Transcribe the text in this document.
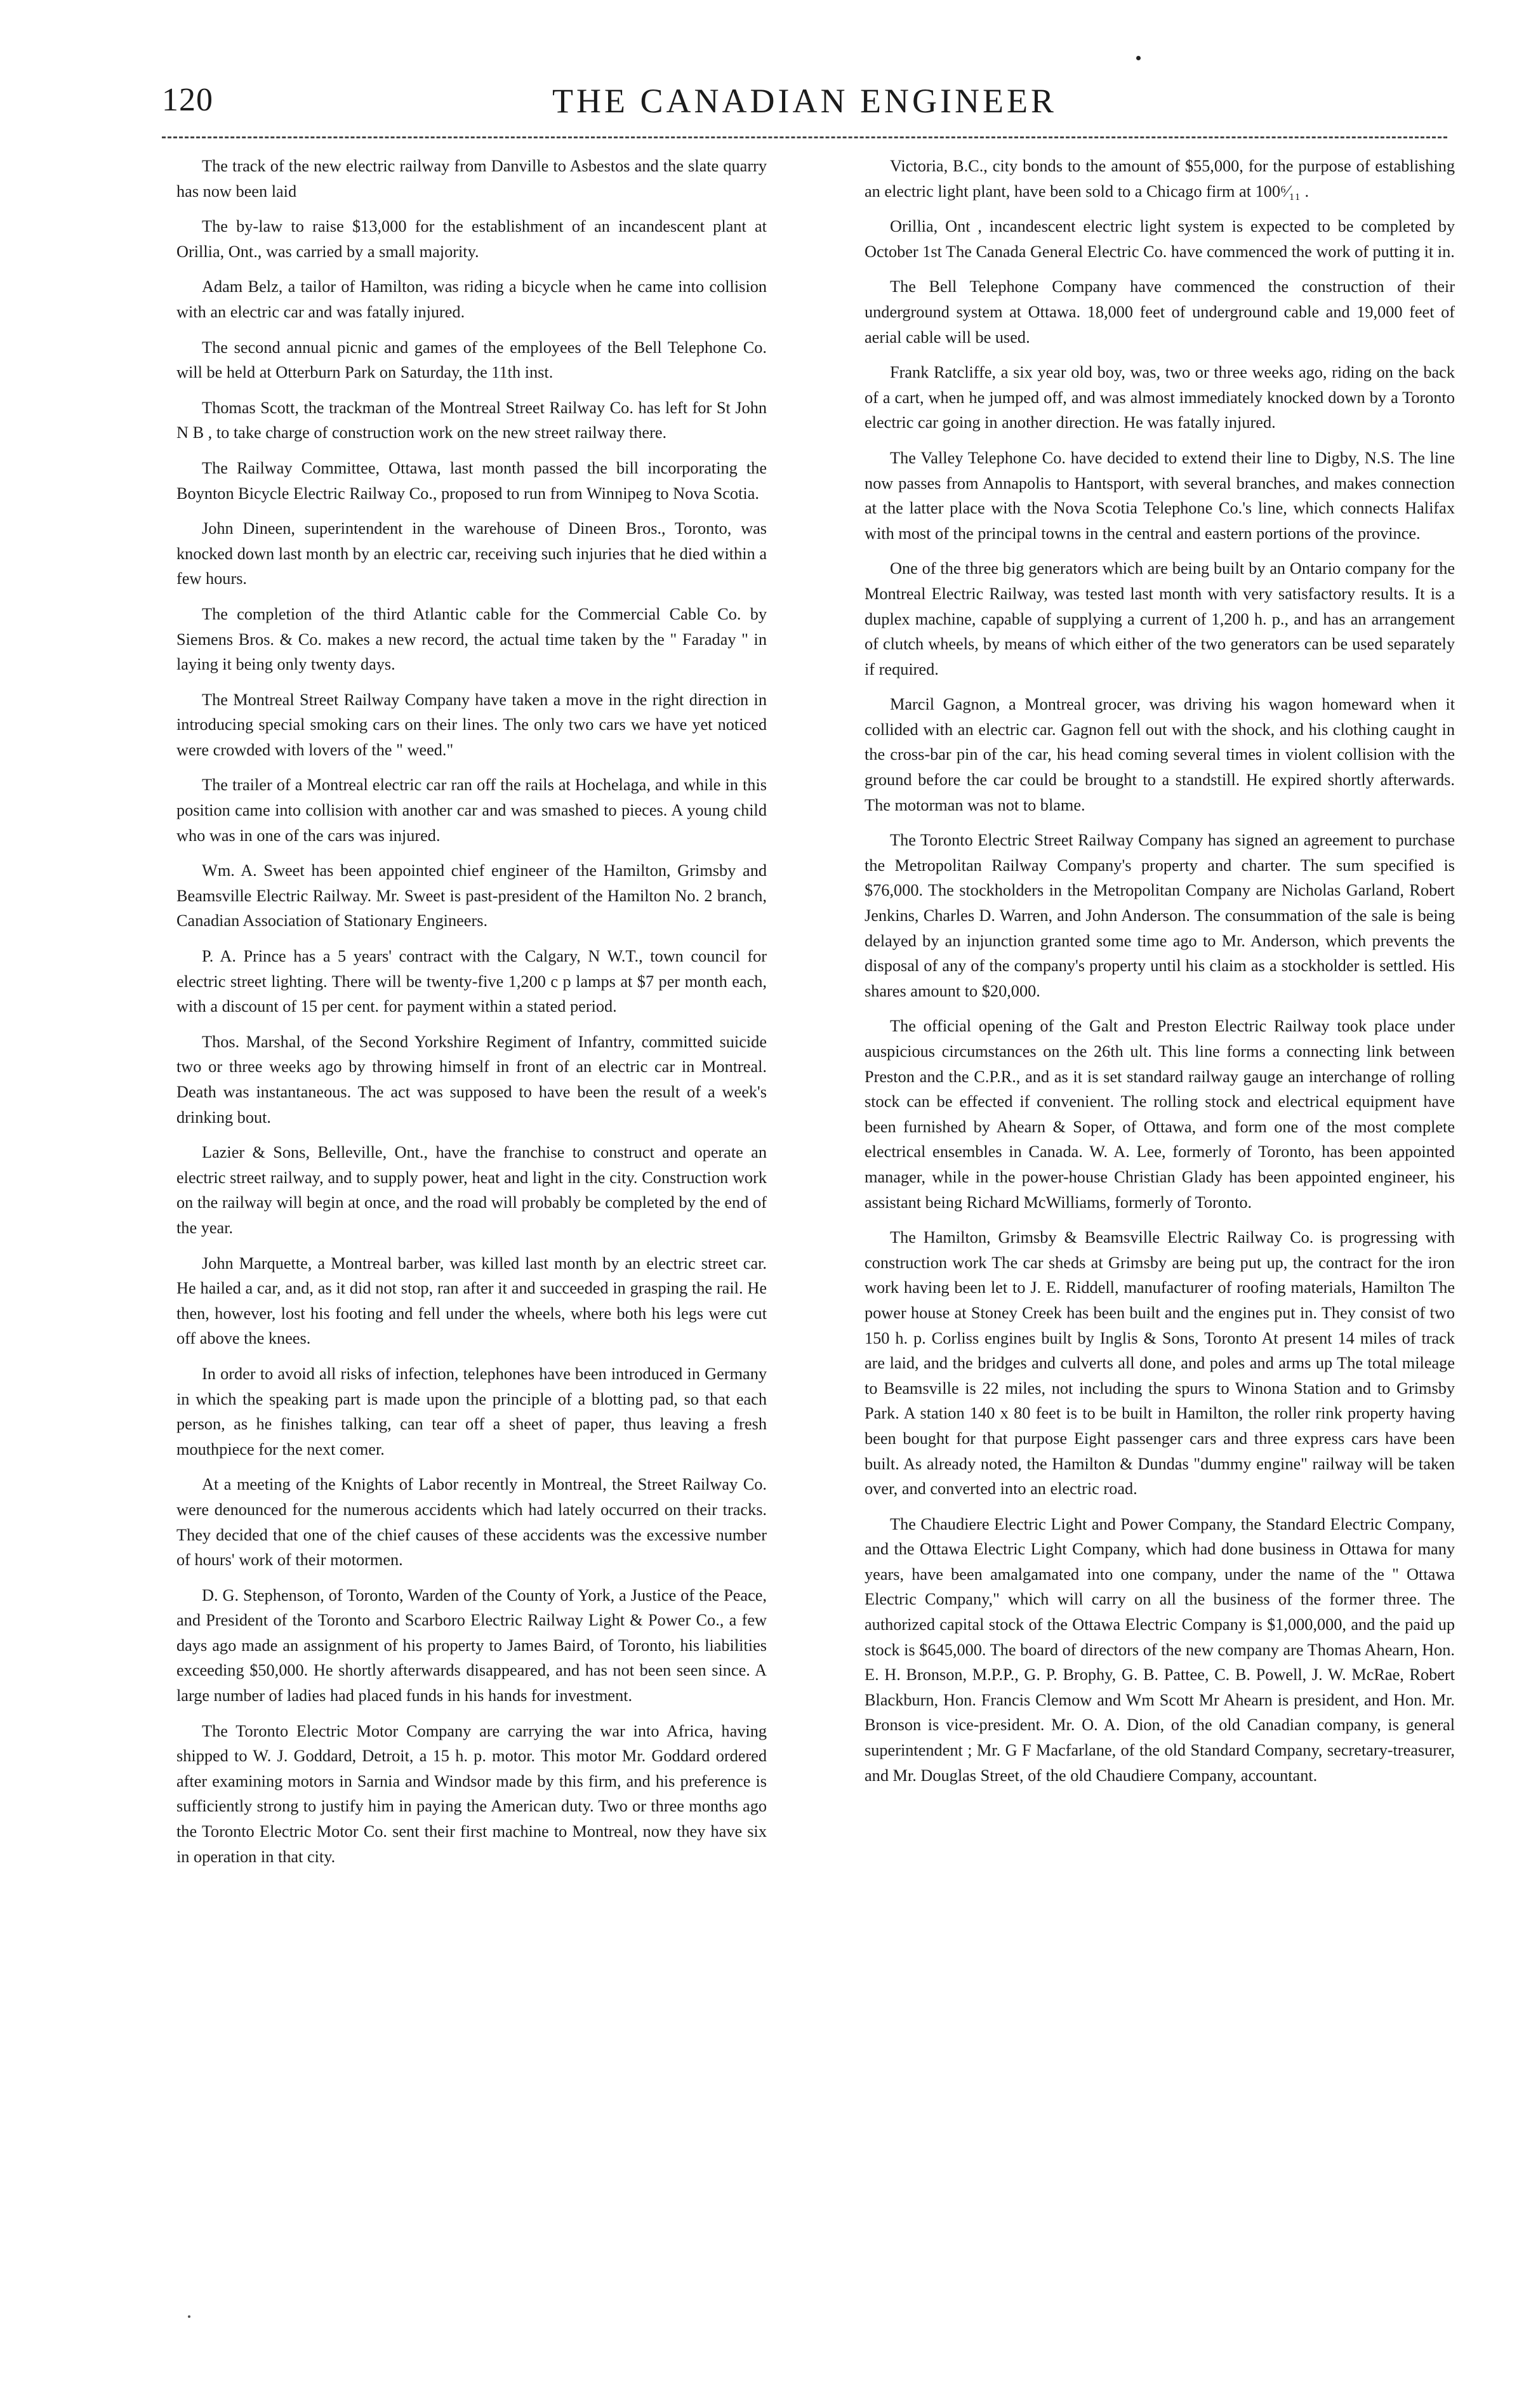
120	THE CANADIAN ENGINEER

The track of the new electric railway from Danville to Asbestos and the slate quarry has now been laid

The by-law to raise $13,000 for the establishment of an incandescent plant at Orillia, Ont., was carried by a small majority.

Adam Belz, a tailor of Hamilton, was riding a bicycle when he came into collision with an electric car and was fatally injured.

The second annual picnic and games of the employees of the Bell Telephone Co. will be held at Otterburn Park on Saturday, the 11th inst.

Thomas Scott, the trackman of the Montreal Street Railway Co. has left for St John N B , to take charge of construction work on the new street railway there.

The Railway Committee, Ottawa, last month passed the bill incorporating the Boynton Bicycle Electric Railway Co., proposed to run from Winnipeg to Nova Scotia.

John Dineen, superintendent in the warehouse of Dineen Bros., Toronto, was knocked down last month by an electric car, receiving such injuries that he died within a few hours.

The completion of the third Atlantic cable for the Commercial Cable Co. by Siemens Bros. & Co. makes a new record, the actual time taken by the " Faraday " in laying it being only twenty days.

The Montreal Street Railway Company have taken a move in the right direction in introducing special smoking cars on their lines. The only two cars we have yet noticed were crowded with lovers of the " weed."

The trailer of a Montreal electric car ran off the rails at Hochelaga, and while in this position came into collision with another car and was smashed to pieces. A young child who was in one of the cars was injured.

Wm. A. Sweet has been appointed chief engineer of the Hamilton, Grimsby and Beamsville Electric Railway. Mr. Sweet is past-president of the Hamilton No. 2 branch, Canadian Association of Stationary Engineers.

P. A. Prince has a 5 years' contract with the Calgary, N W.T., town council for electric street lighting. There will be twenty-five 1,200 c p lamps at $7 per month each, with a discount of 15 per cent. for payment within a stated period.

Thos. Marshal, of the Second Yorkshire Regiment of Infantry, committed suicide two or three weeks ago by throwing himself in front of an electric car in Montreal. Death was instantaneous. The act was supposed to have been the result of a week's drinking bout.

Lazier & Sons, Belleville, Ont., have the franchise to construct and operate an electric street railway, and to supply power, heat and light in the city. Construction work on the railway will begin at once, and the road will probably be completed by the end of the year.

John Marquette, a Montreal barber, was killed last month by an electric street car. He hailed a car, and, as it did not stop, ran after it and succeeded in grasping the rail. He then, however, lost his footing and fell under the wheels, where both his legs were cut off above the knees.

In order to avoid all risks of infection, telephones have been introduced in Germany in which the speaking part is made upon the principle of a blotting pad, so that each person, as he finishes talking, can tear off a sheet of paper, thus leaving a fresh mouthpiece for the next comer.

At a meeting of the Knights of Labor recently in Montreal, the Street Railway Co. were denounced for the numerous accidents which had lately occurred on their tracks. They decided that one of the chief causes of these accidents was the excessive number of hours' work of their motormen.

D. G. Stephenson, of Toronto, Warden of the County of York, a Justice of the Peace, and President of the Toronto and Scarboro Electric Railway Light & Power Co., a few days ago made an assignment of his property to James Baird, of Toronto, his liabilities exceeding $50,000. He shortly afterwards disappeared, and has not been seen since. A large number of ladies had placed funds in his hands for investment.

The Toronto Electric Motor Company are carrying the war into Africa, having shipped to W. J. Goddard, Detroit, a 15 h. p. motor. This motor Mr. Goddard ordered after examining motors in Sarnia and Windsor made by this firm, and his preference is sufficiently strong to justify him in paying the American duty. Two or three months ago the Toronto Electric Motor Co. sent their first machine to Montreal, now they have six in operation in that city.

Victoria, B.C., city bonds to the amount of $55,000, for the purpose of establishing an electric light plant, have been sold to a Chicago firm at 100⁶⁄₁₁ .

Orillia, Ont , incandescent electric light system is expected to be completed by October 1st The Canada General Electric Co. have commenced the work of putting it in.

The Bell Telephone Company have commenced the construction of their underground system at Ottawa. 18,000 feet of underground cable and 19,000 feet of aerial cable will be used.

Frank Ratcliffe, a six year old boy, was, two or three weeks ago, riding on the back of a cart, when he jumped off, and was almost immediately knocked down by a Toronto electric car going in another direction. He was fatally injured.

The Valley Telephone Co. have decided to extend their line to Digby, N.S. The line now passes from Annapolis to Hantsport, with several branches, and makes connection at the latter place with the Nova Scotia Telephone Co.'s line, which connects Halifax with most of the principal towns in the central and eastern portions of the province.

One of the three big generators which are being built by an Ontario company for the Montreal Electric Railway, was tested last month with very satisfactory results. It is a duplex machine, capable of supplying a current of 1,200 h. p., and has an arrangement of clutch wheels, by means of which either of the two generators can be used separately if required.

Marcil Gagnon, a Montreal grocer, was driving his wagon homeward when it collided with an electric car. Gagnon fell out with the shock, and his clothing caught in the cross-bar pin of the car, his head coming several times in violent collision with the ground before the car could be brought to a standstill. He expired shortly afterwards. The motorman was not to blame.

The Toronto Electric Street Railway Company has signed an agreement to purchase the Metropolitan Railway Company's property and charter. The sum specified is $76,000. The stockholders in the Metropolitan Company are Nicholas Garland, Robert Jenkins, Charles D. Warren, and John Anderson. The consummation of the sale is being delayed by an injunction granted some time ago to Mr. Anderson, which prevents the disposal of any of the company's property until his claim as a stockholder is settled. His shares amount to $20,000.

The official opening of the Galt and Preston Electric Railway took place under auspicious circumstances on the 26th ult. This line forms a connecting link between Preston and the C.P.R., and as it is set standard railway gauge an interchange of rolling stock can be effected if convenient. The rolling stock and electrical equipment have been furnished by Ahearn & Soper, of Ottawa, and form one of the most complete electrical ensembles in Canada. W. A. Lee, formerly of Toronto, has been appointed manager, while in the power-house Christian Glady has been appointed engineer, his assistant being Richard McWilliams, formerly of Toronto.

The Hamilton, Grimsby & Beamsville Electric Railway Co. is progressing with construction work The car sheds at Grimsby are being put up, the contract for the iron work having been let to J. E. Riddell, manufacturer of roofing materials, Hamilton The power house at Stoney Creek has been built and the engines put in. They consist of two 150 h. p. Corliss engines built by Inglis & Sons, Toronto At present 14 miles of track are laid, and the bridges and culverts all done, and poles and arms up The total mileage to Beamsville is 22 miles, not including the spurs to Winona Station and to Grimsby Park. A station 140 x 80 feet is to be built in Hamilton, the roller rink property having been bought for that purpose Eight passenger cars and three express cars have been built. As already noted, the Hamilton & Dundas "dummy engine" railway will be taken over, and converted into an electric road.

The Chaudiere Electric Light and Power Company, the Standard Electric Company, and the Ottawa Electric Light Company, which had done business in Ottawa for many years, have been amalgamated into one company, under the name of the " Ottawa Electric Company," which will carry on all the business of the former three. The authorized capital stock of the Ottawa Electric Company is $1,000,000, and the paid up stock is $645,000. The board of directors of the new company are Thomas Ahearn, Hon. E. H. Bronson, M.P.P., G. P. Brophy, G. B. Pattee, C. B. Powell, J. W. McRae, Robert Blackburn, Hon. Francis Clemow and Wm Scott Mr Ahearn is president, and Hon. Mr. Bronson is vice-president. Mr. O. A. Dion, of the old Canadian company, is general superintendent ; Mr. G F Macfarlane, of the old Standard Company, secretary-treasurer, and Mr. Douglas Street, of the old Chaudiere Company, accountant.
